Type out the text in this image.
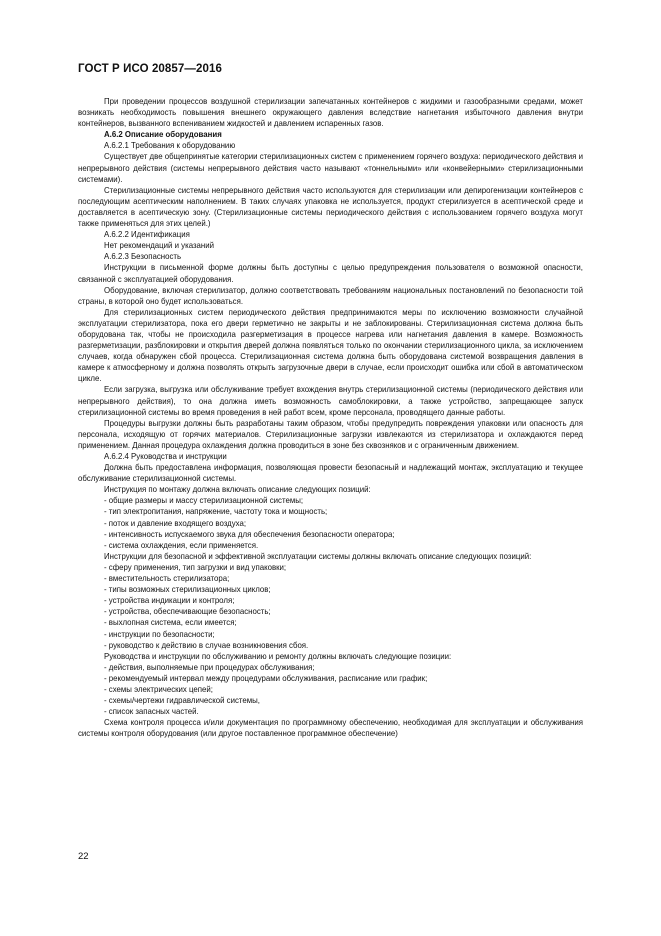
ГОСТ Р ИСО 20857—2016

При проведении процессов воздушной стерилизации запечатанных контейнеров с жидкими и газообразными средами, может возникать необходимость повышения внешнего окружающего давления вследствие нагнетания избыточного давления внутри контейнеров, вызванного вспениванием жидкостей и давлением испаренных газов.

А.6.2 Описание оборудования

А.6.2.1 Требования к оборудованию

Существует две общепринятые категории стерилизационных систем с применением горячего воздуха: периодического действия и непрерывного действия (системы непрерывного действия часто называют «тоннельными» или «конвейерными» стерилизационными системами).

Стерилизационные системы непрерывного действия часто используются для стерилизации или депирогенизации контейнеров с последующим асептическим наполнением. В таких случаях упаковка не используется, продукт стерилизуется в асептической среде и доставляется в асептическую зону. (Стерилизационные системы периодического действия с использованием горячего воздуха могут также применяться для этих целей.)

А.6.2.2 Идентификация

Нет рекомендаций и указаний

А.6.2.3 Безопасность

Инструкции в письменной форме должны быть доступны с целью предупреждения пользователя о возможной опасности, связанной с эксплуатацией оборудования.

Оборудование, включая стерилизатор, должно соответствовать требованиям национальных постановлений по безопасности той страны, в которой оно будет использоваться.

Для стерилизационных систем периодического действия предпринимаются меры по исключению возможности случайной эксплуатации стерилизатора, пока его двери герметично не закрыты и не заблокированы. Стерилизационная система должна быть оборудована так, чтобы не происходила разгерметизация в процессе нагрева или нагнетания давления в камере. Возможность разгерметизации, разблокировки и открытия дверей должна появляться только по окончании стерилизационного цикла, за исключением случаев, когда обнаружен сбой процесса. Стерилизационная система должна быть оборудована системой возвращения давления в камере к атмосферному и должна позволять открыть загрузочные двери в случае, если происходит ошибка или сбой в автоматическом цикле.

Если загрузка, выгрузка или обслуживание требует вхождения внутрь стерилизационной системы (периодического действия или непрерывного действия), то она должна иметь возможность самоблокировки, а также устройство, запрещающее запуск стерилизационной системы во время проведения в ней работ всем, кроме персонала, проводящего данные работы.

Процедуры выгрузки должны быть разработаны таким образом, чтобы предупредить повреждения упаковки или опасность для персонала, исходящую от горячих материалов. Стерилизационные загрузки извлекаются из стерилизатора и охлаждаются перед применением. Данная процедура охлаждения должна проводиться в зоне без сквозняков и с ограниченным движением.

А.6.2.4 Руководства и инструкции

Должна быть предоставлена информация, позволяющая провести безопасный и надлежащий монтаж, эксплуатацию и текущее обслуживание стерилизационной системы.

Инструкция по монтажу должна включать описание следующих позиций:

- общие размеры и массу стерилизационной системы;

- тип электропитания, напряжение, частоту тока и мощность;

- поток и давление входящего воздуха;

- интенсивность испускаемого звука для обеспечения безопасности оператора;

- система охлаждения, если применяется.

Инструкции для безопасной и эффективной эксплуатации системы должны включать описание следующих позиций:

- сферу применения, тип загрузки и вид упаковки;

- вместительность стерилизатора;

- типы возможных стерилизационных циклов;

- устройства индикации и контроля;

- устройства, обеспечивающие безопасность;

- выхлопная система, если имеется;

- инструкции по безопасности;

- руководство к действию в случае возникновения сбоя.

Руководства и инструкции по обслуживанию и ремонту должны включать следующие позиции:

- действия, выполняемые при процедурах обслуживания;

- рекомендуемый интервал между процедурами обслуживания, расписание или график;

- схемы электрических цепей;

- схемы/чертежи гидравлической системы,

- список запасных частей.

Схема контроля процесса и/или документация по программному обеспечению, необходимая для эксплуатации и обслуживания системы контроля оборудования (или другое поставленное программное обеспечение)

22
